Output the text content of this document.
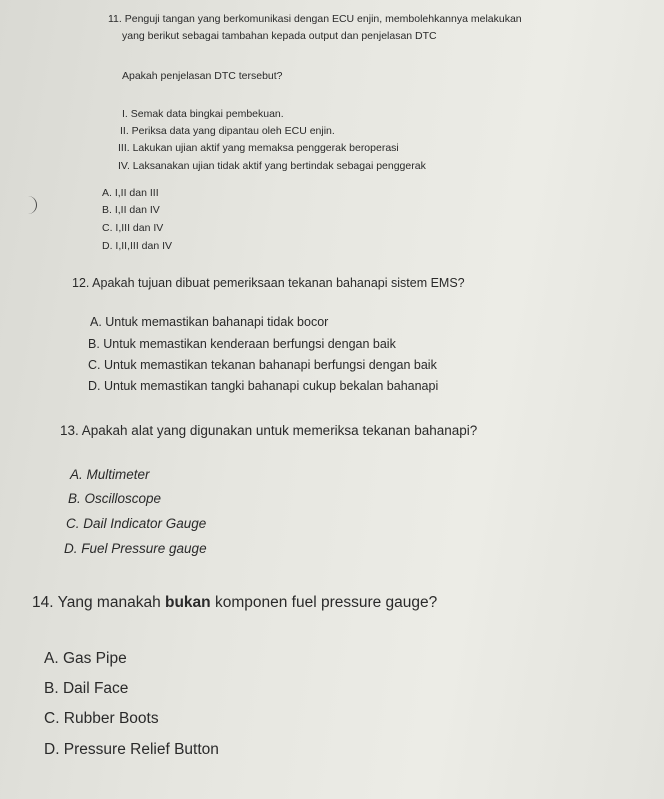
11. Penguji tangan yang berkomunikasi dengan ECU enjin, membolehkannya melakukan
yang berikut sebagai tambahan kepada output dan penjelasan DTC
Apakah penjelasan DTC tersebut?
I. Semak data bingkai pembekuan.
II. Periksa data yang dipantau oleh ECU enjin.
III. Lakukan ujian aktif yang memaksa penggerak beroperasi
IV. Laksanakan ujian tidak aktif yang bertindak sebagai penggerak
A. I,II dan III
B. I,II dan IV
C. I,III dan IV
D. I,II,III dan IV
12. Apakah tujuan dibuat pemeriksaan tekanan bahanapi sistem EMS?
A. Untuk memastikan bahanapi tidak bocor
B. Untuk memastikan kenderaan berfungsi dengan baik
C. Untuk memastikan tekanan bahanapi berfungsi dengan baik
D. Untuk memastikan tangki bahanapi cukup bekalan bahanapi
13. Apakah alat yang digunakan untuk memeriksa tekanan bahanapi?
A. Multimeter
B. Oscilloscope
C. Dail Indicator Gauge
D. Fuel Pressure gauge
14. Yang manakah bukan komponen fuel pressure gauge?
A. Gas Pipe
B. Dail Face
C. Rubber Boots
D. Pressure Relief Button
